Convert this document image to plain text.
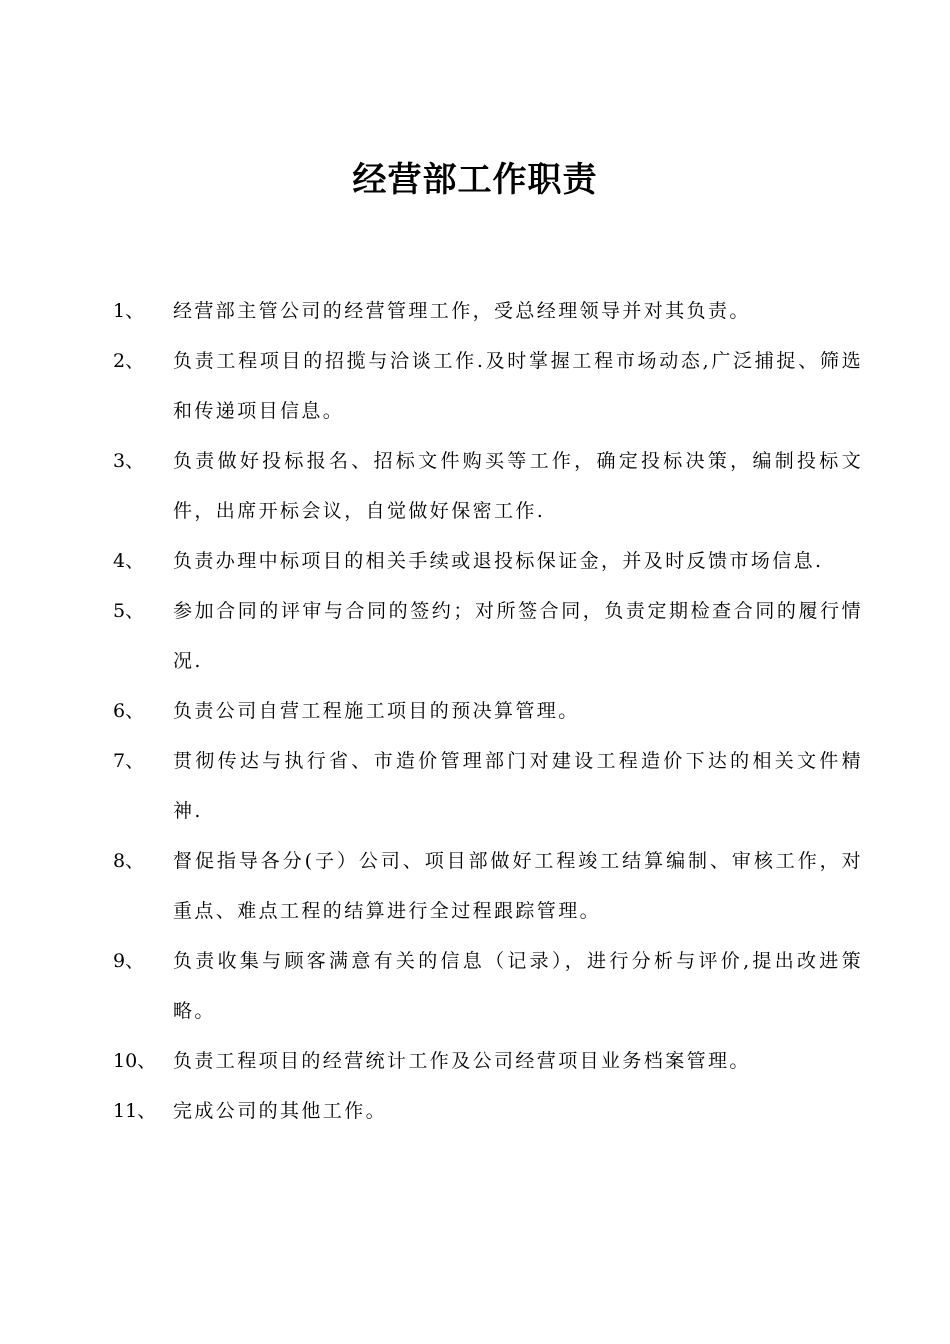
经营部工作职责
1、	经营部主管公司的经营管理工作，受总经理领导并对其负责。
2、	负责工程项目的招揽与洽谈工作.及时掌握工程市场动态,广泛捕捉、筛选和传递项目信息。
3、	负责做好投标报名、招标文件购买等工作，确定投标决策，编制投标文件，出席开标会议，自觉做好保密工作.
4、	负责办理中标项目的相关手续或退投标保证金，并及时反馈市场信息.
5、	参加合同的评审与合同的签约；对所签合同，负责定期检查合同的履行情况.
6、	负责公司自营工程施工项目的预决算管理。
7、	贯彻传达与执行省、市造价管理部门对建设工程造价下达的相关文件精神.
8、	督促指导各分(子）公司、项目部做好工程竣工结算编制、审核工作，对重点、难点工程的结算进行全过程跟踪管理。
9、	负责收集与顾客满意有关的信息（记录），进行分析与评价,提出改进策略。
10、 负责工程项目的经营统计工作及公司经营项目业务档案管理。
11、 完成公司的其他工作。
